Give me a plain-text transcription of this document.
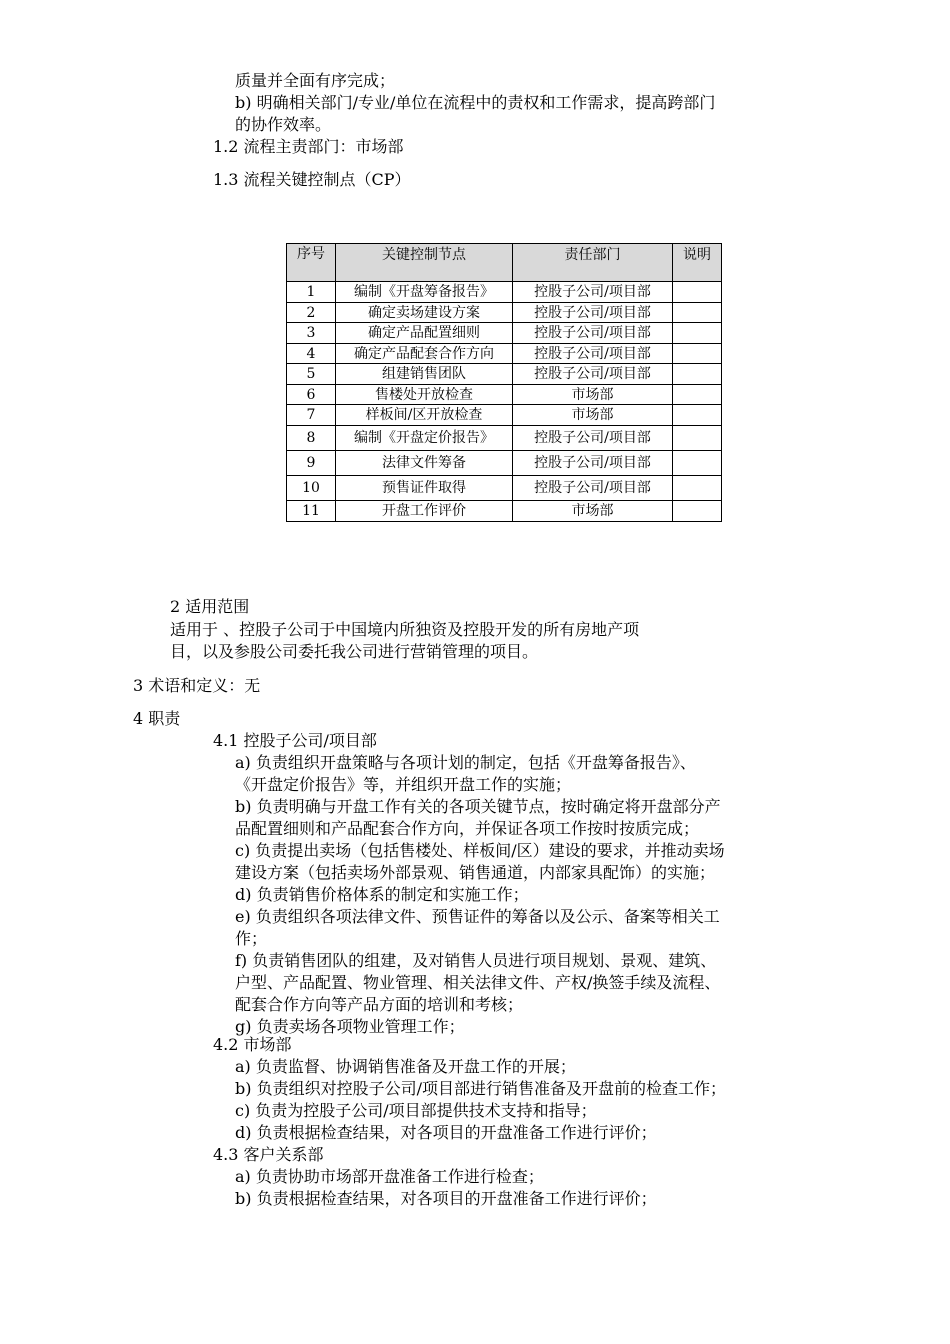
质量并全面有序完成；
b) 明确相关部门/专业/单位在流程中的责权和工作需求，提高跨部门
的协作效率。
1.2 流程主责部门：市场部
1.3 流程关键控制点（CP）
序号	关键控制节点	责任部门	说明
1	编制《开盘筹备报告》	控股子公司/项目部	
2	确定卖场建设方案	控股子公司/项目部	
3	确定产品配置细则	控股子公司/项目部	
4	确定产品配套合作方向	控股子公司/项目部	
5	组建销售团队	控股子公司/项目部	
6	售楼处开放检查	市场部	
7	样板间/区开放检查	市场部	
8	编制《开盘定价报告》	控股子公司/项目部	
9	法律文件筹备	控股子公司/项目部	
10	预售证件取得	控股子公司/项目部	
11	开盘工作评价	市场部	
2 适用范围
适用于 、控股子公司于中国境内所独资及控股开发的所有房地产项
目，以及参股公司委托我公司进行营销管理的项目。
3 术语和定义：无
4 职责
4.1 控股子公司/项目部
a) 负责组织开盘策略与各项计划的制定，包括《开盘筹备报告》、
《开盘定价报告》等，并组织开盘工作的实施；
b) 负责明确与开盘工作有关的各项关键节点，按时确定将开盘部分产
品配置细则和产品配套合作方向，并保证各项工作按时按质完成；
c) 负责提出卖场（包括售楼处、样板间/区）建设的要求，并推动卖场
建设方案（包括卖场外部景观、销售通道，内部家具配饰）的实施；
d) 负责销售价格体系的制定和实施工作；
e) 负责组织各项法律文件、预售证件的筹备以及公示、备案等相关工
作；
f) 负责销售团队的组建，及对销售人员进行项目规划、景观、建筑、
户型、产品配置、物业管理、相关法律文件、产权/换签手续及流程、
配套合作方向等产品方面的培训和考核；
g) 负责卖场各项物业管理工作；
4.2 市场部
a) 负责监督、协调销售准备及开盘工作的开展；
b) 负责组织对控股子公司/项目部进行销售准备及开盘前的检查工作；
c) 负责为控股子公司/项目部提供技术支持和指导；
d) 负责根据检查结果，对各项目的开盘准备工作进行评价；
4.3 客户关系部
a) 负责协助市场部开盘准备工作进行检查；
b) 负责根据检查结果，对各项目的开盘准备工作进行评价；
